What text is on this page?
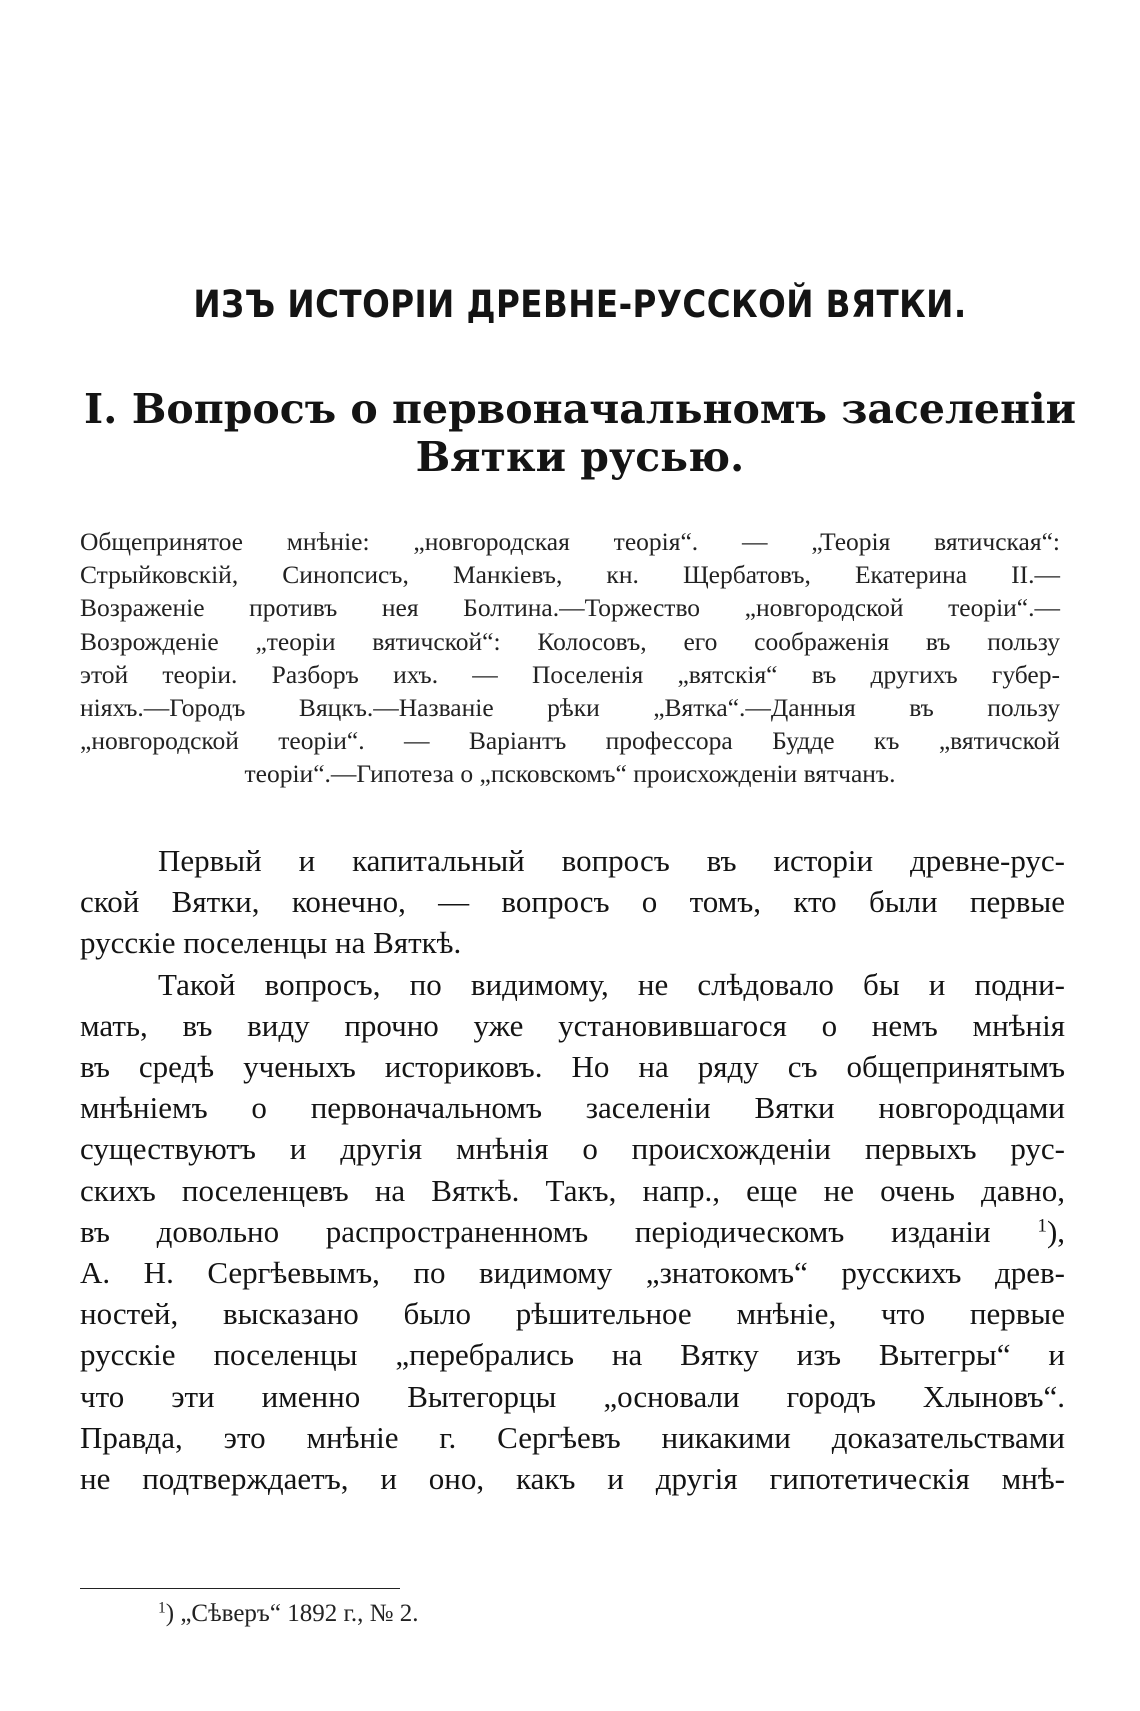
ИЗЪ ИСТОРІИ ДРЕВНЕ-РУССКОЙ ВЯТКИ.
I. Вопросъ о первоначальномъ заселеніи
Вятки русью.
Общепринятое мнѣніе: „новгородская теорія“. — „Теорія вятичская“:
Стрыйковскій, Синопсисъ, Манкіевъ, кн. Щербатовъ, Екатерина II.—
Возраженіе противъ нея Болтина.—Торжество „новгородской теоріи“.—
Возрожденіе „теоріи вятичской“: Колосовъ, его соображенія въ пользу
этой теоріи. Разборъ ихъ. — Поселенія „вятскія“ въ другихъ губер-
ніяхъ.—Городъ Вяцкъ.—Названіе рѣки „Вятка“.—Данныя въ пользу
„новгородской теоріи“. — Варіантъ профессора Будде къ „вятичской
теоріи“.—Гипотеза о „псковскомъ“ происхожденіи вятчанъ.
Первый и капитальный вопросъ въ исторіи древне-рус-
ской Вятки, конечно, — вопросъ о томъ, кто были первые
русскіе поселенцы на Вяткѣ.
Такой вопросъ, по видимому, не слѣдовало бы и подни-
мать, въ виду прочно уже установившагося о немъ мнѣнія
въ средѣ ученыхъ историковъ. Но на ряду съ общепринятымъ
мнѣніемъ о первоначальномъ заселеніи Вятки новгородцами
существуютъ и другія мнѣнія о происхожденіи первыхъ рус-
скихъ поселенцевъ на Вяткѣ. Такъ, напр., еще не очень давно,
въ довольно распространенномъ періодическомъ изданіи $^1$),
А. Н. Сергѣевымъ, по видимому „знатокомъ“ русскихъ древ-
ностей, высказано было рѣшительное мнѣніе, что первые
русскіе поселенцы „перебрались на Вятку изъ Вытегры“ и
что эти именно Вытегорцы „основали городъ Хлыновъ“.
Правда, это мнѣніе г. Сергѣевъ никакими доказательствами
не подтверждаетъ, и оно, какъ и другія гипотетическія мнѣ-
$^1$) „Сѣверъ“ 1892 г., № 2.
